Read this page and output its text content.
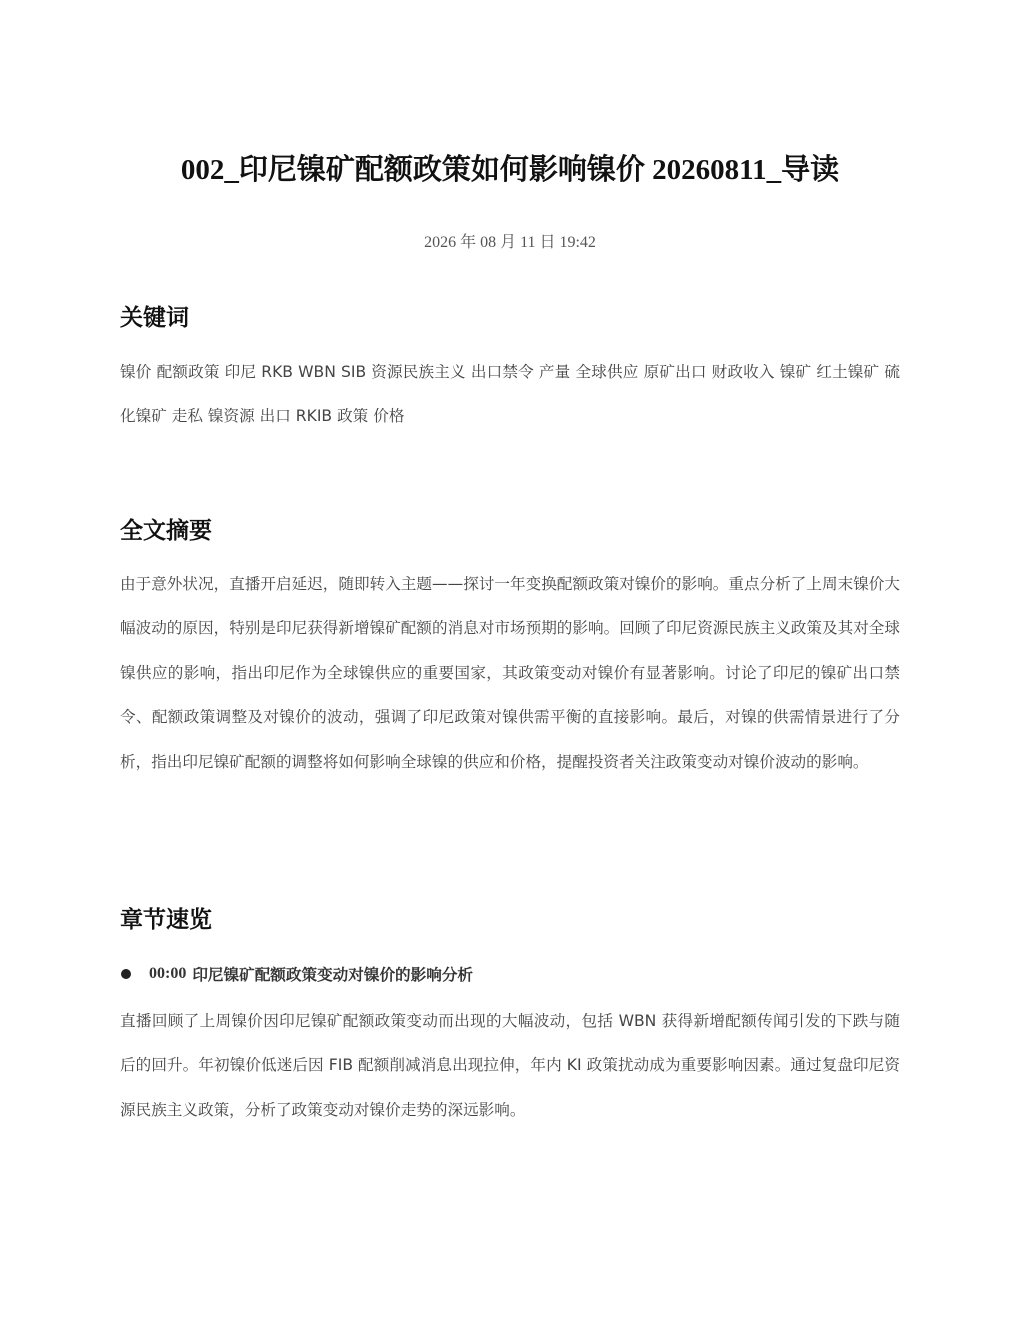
002_印尼镍矿配额政策如何影响镍价 20260811_导读
2026 年 08 月 11 日 19:42
关键词

镍价 配额政策 印尼 RKB WBN SIB 资源民族主义 出口禁令 产量 全球供应 原矿出口 财政收入 镍矿 红土镍矿 硫化镍矿 走私 镍资源 出口 RKIB 政策 价格

全文摘要

由于意外状况，直播开启延迟，随即转入主题——探讨一年变换配额政策对镍价的影响。重点分析了上周末镍价大幅波动的原因，特别是印尼获得新增镍矿配额的消息对市场预期的影响。回顾了印尼资源民族主义政策及其对全球镍供应的影响，指出印尼作为全球镍供应的重要国家，其政策变动对镍价有显著影响。讨论了印尼的镍矿出口禁令、配额政策调整及对镍价的波动，强调了印尼政策对镍供需平衡的直接影响。最后，对镍的供需情景进行了分析，指出印尼镍矿配额的调整将如何影响全球镍的供应和价格，提醒投资者关注政策变动对镍价波动的影响。

章节速览
00:00 印尼镍矿配额政策变动对镍价的影响分析

直播回顾了上周镍价因印尼镍矿配额政策变动而出现的大幅波动，包括 WBN 获得新增配额传闻引发的下跌与随后的回升。年初镍价低迷后因 FIB 配额削减消息出现拉伸，年内 KI 政策扰动成为重要影响因素。通过复盘印尼资源民族主义政策，分析了政策变动对镍价走势的深远影响。
